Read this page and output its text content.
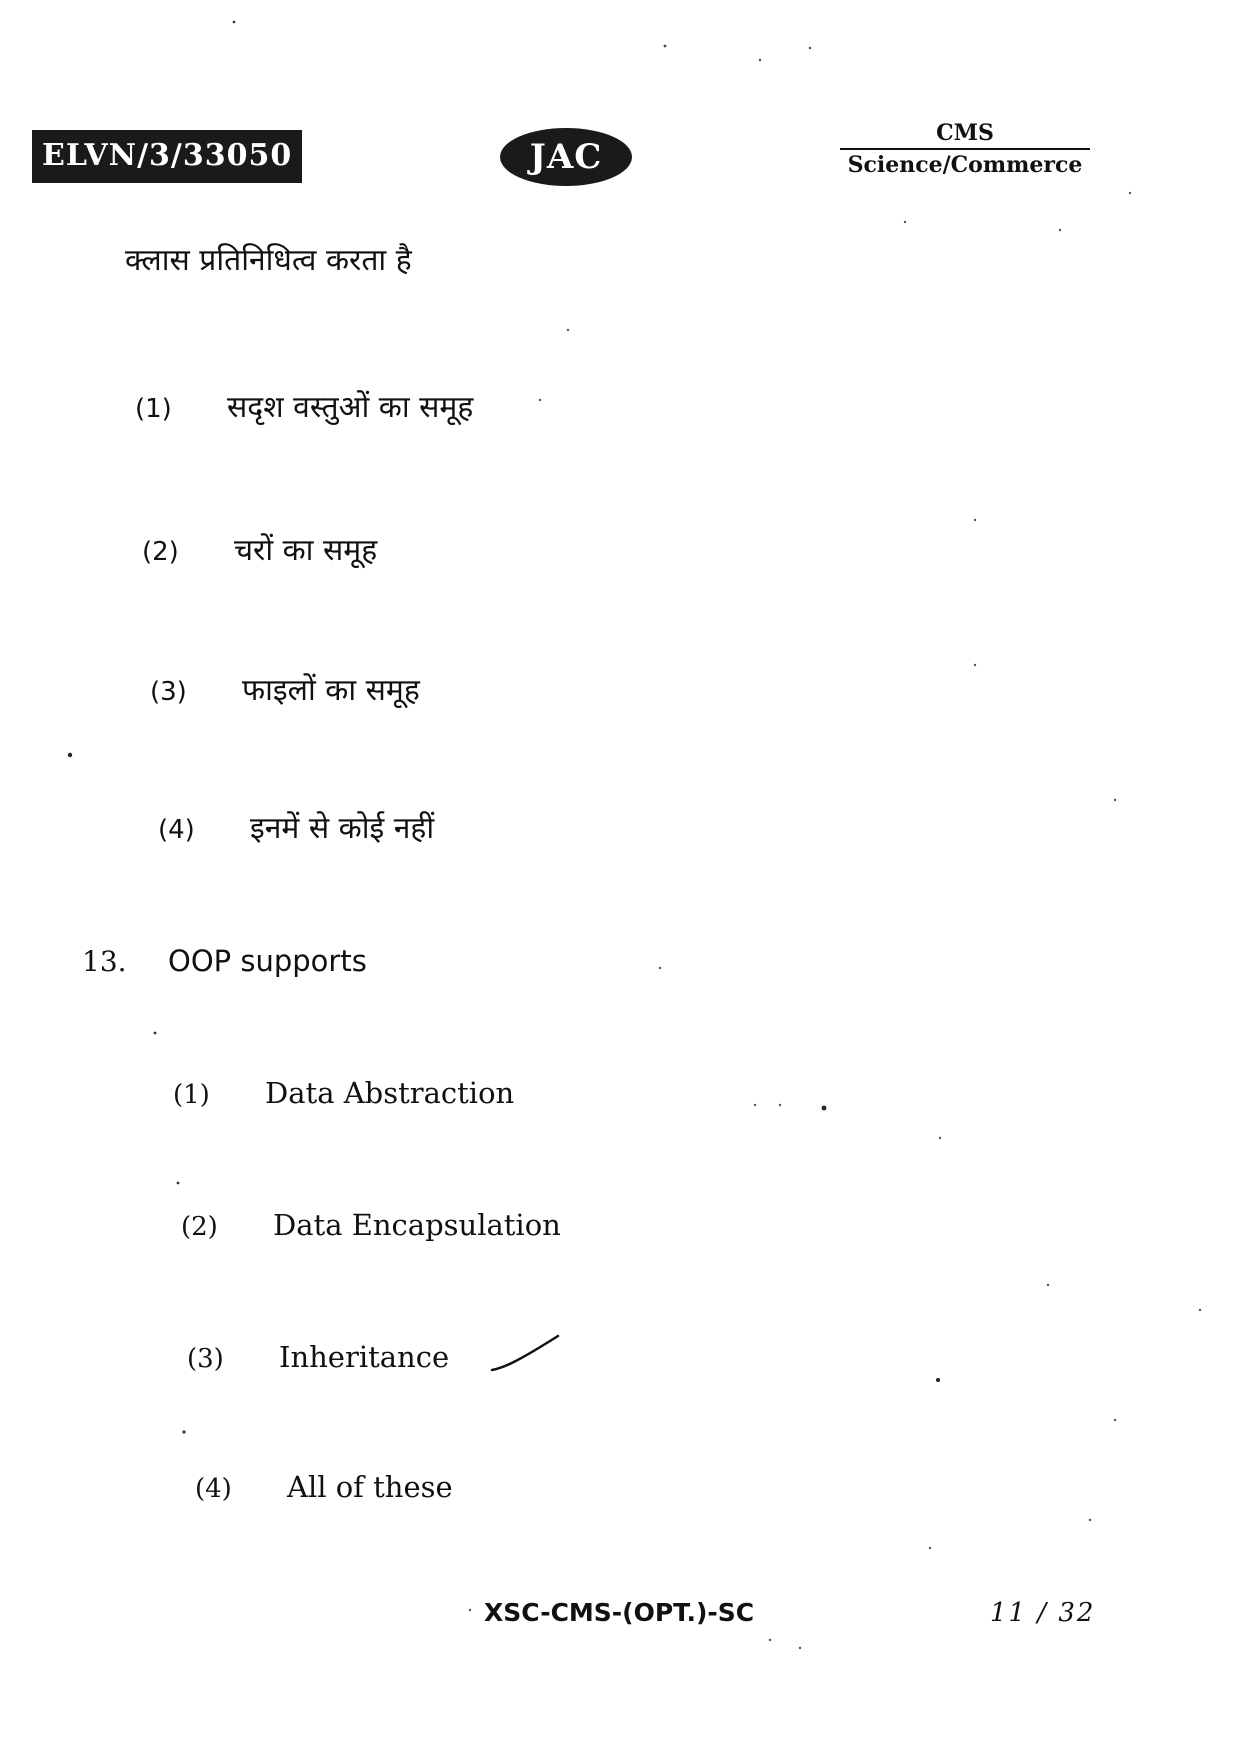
ELVN/3/33050	JAC
CMS
Science/Commerce
क्लास प्रतिनिधित्व करता है
(1)	सदृश वस्तुओं का समूह
(2)	चरों का समूह
(3)	फाइलों का समूह
(4)	इनमें से कोई नहीं
13.	OOP supports
(1)	Data Abstraction
(2)	Data Encapsulation
(3)	Inheritance
(4)	All of these
XSC-CMS-(OPT.)-SC	11 / 32
